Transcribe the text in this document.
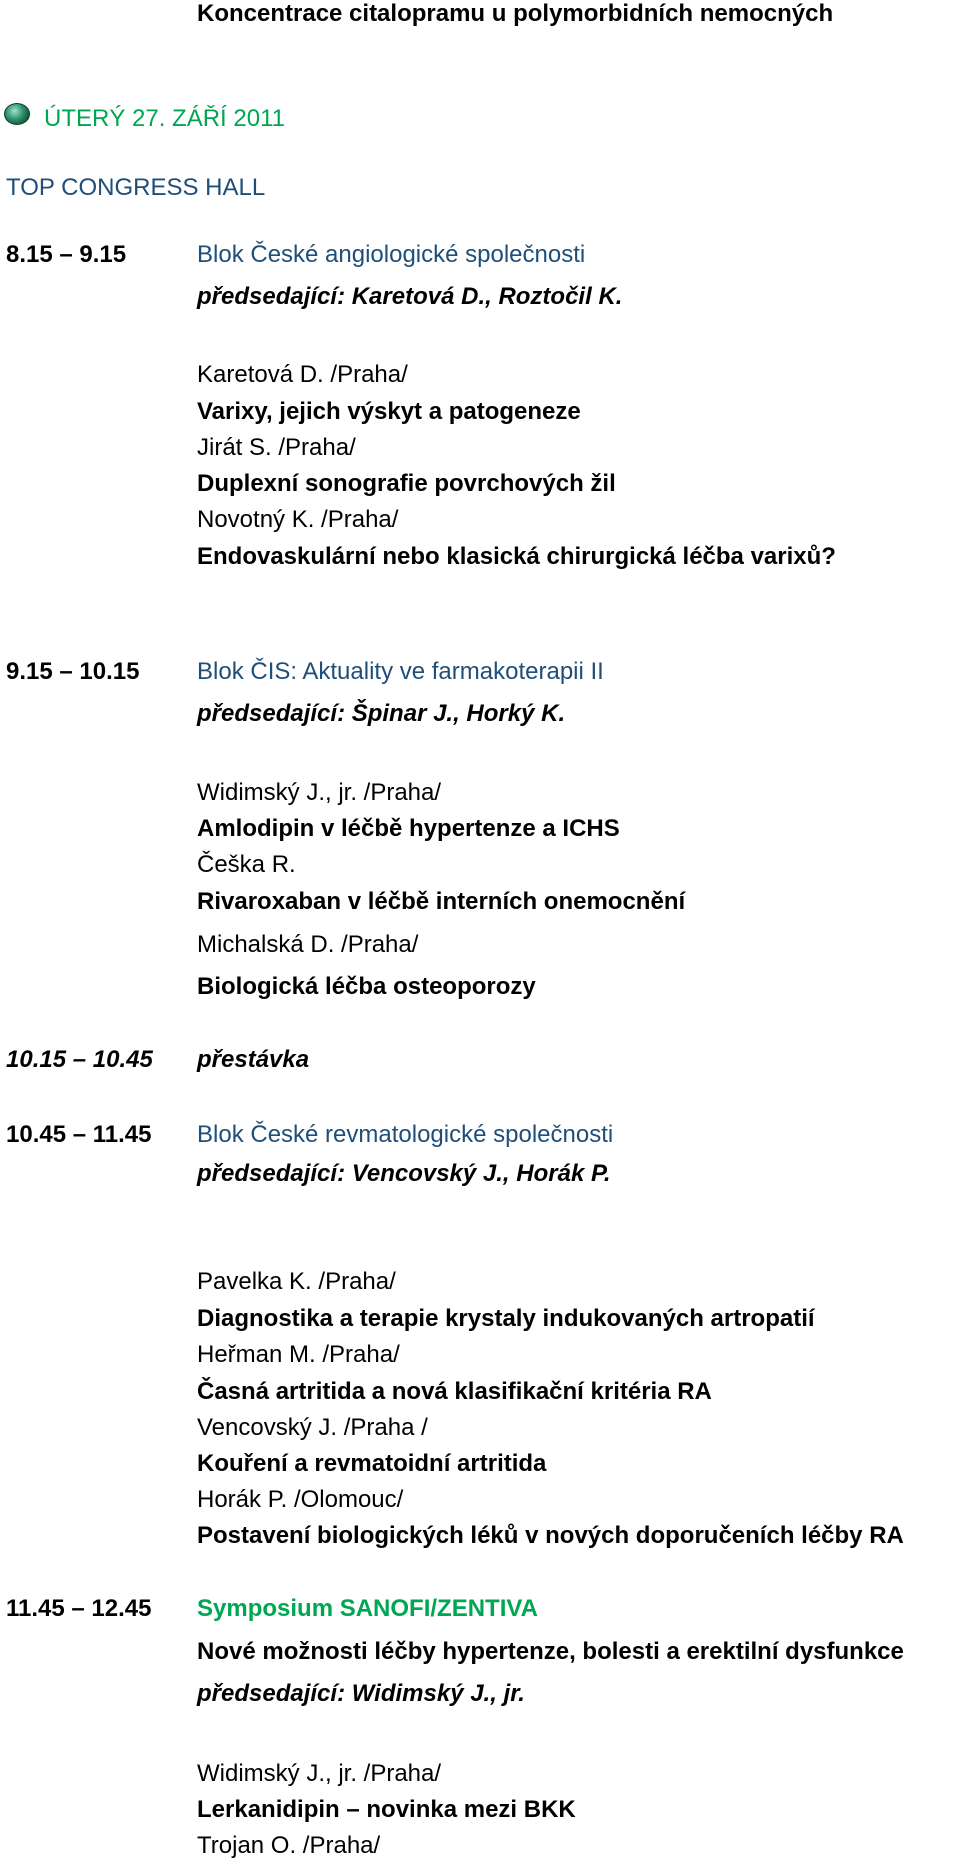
Koncentrace citalopramu u polymorbidních nemocných
ÚTERÝ 27. ZÁŘÍ 2011
TOP CONGRESS HALL
8.15 – 9.15	Blok České angiologické společnosti
předsedající: Karetová D., Roztočil K.
Karetová D. /Praha/
Varixy, jejich výskyt a patogeneze
Jirát S. /Praha/
Duplexní sonografie povrchových žil
Novotný K. /Praha/
Endovaskulární nebo klasická chirurgická léčba varixů?
9.15 – 10.15 Blok ČIS: Aktuality ve farmakoterapii II
předsedající: Špinar J., Horký K.
Widimský J., jr. /Praha/
Amlodipin v léčbě hypertenze a ICHS
Češka R.
Rivaroxaban v léčbě interních onemocnění
Michalská D. /Praha/
Biologická léčba osteoporozy
10.15 – 10.45 přestávka
10.45 – 11.45 Blok České revmatologické společnosti
předsedající: Vencovský J., Horák P.
Pavelka K. /Praha/
Diagnostika a terapie krystaly indukovaných artropatií
Heřman M. /Praha/
Časná artritida a nová klasifikační kritéria RA
Vencovský J. /Praha /
Kouření a revmatoidní artritida
Horák P. /Olomouc/
Postavení biologických léků v nových doporučeních léčby RA
11.45 – 12.45 Symposium SANOFI/ZENTIVA
Nové možnosti léčby hypertenze, bolesti a erektilní dysfunkce
předsedající: Widimský J., jr.
Widimský J., jr. /Praha/
Lerkanidipin – novinka mezi BKK
Trojan O. /Praha/
